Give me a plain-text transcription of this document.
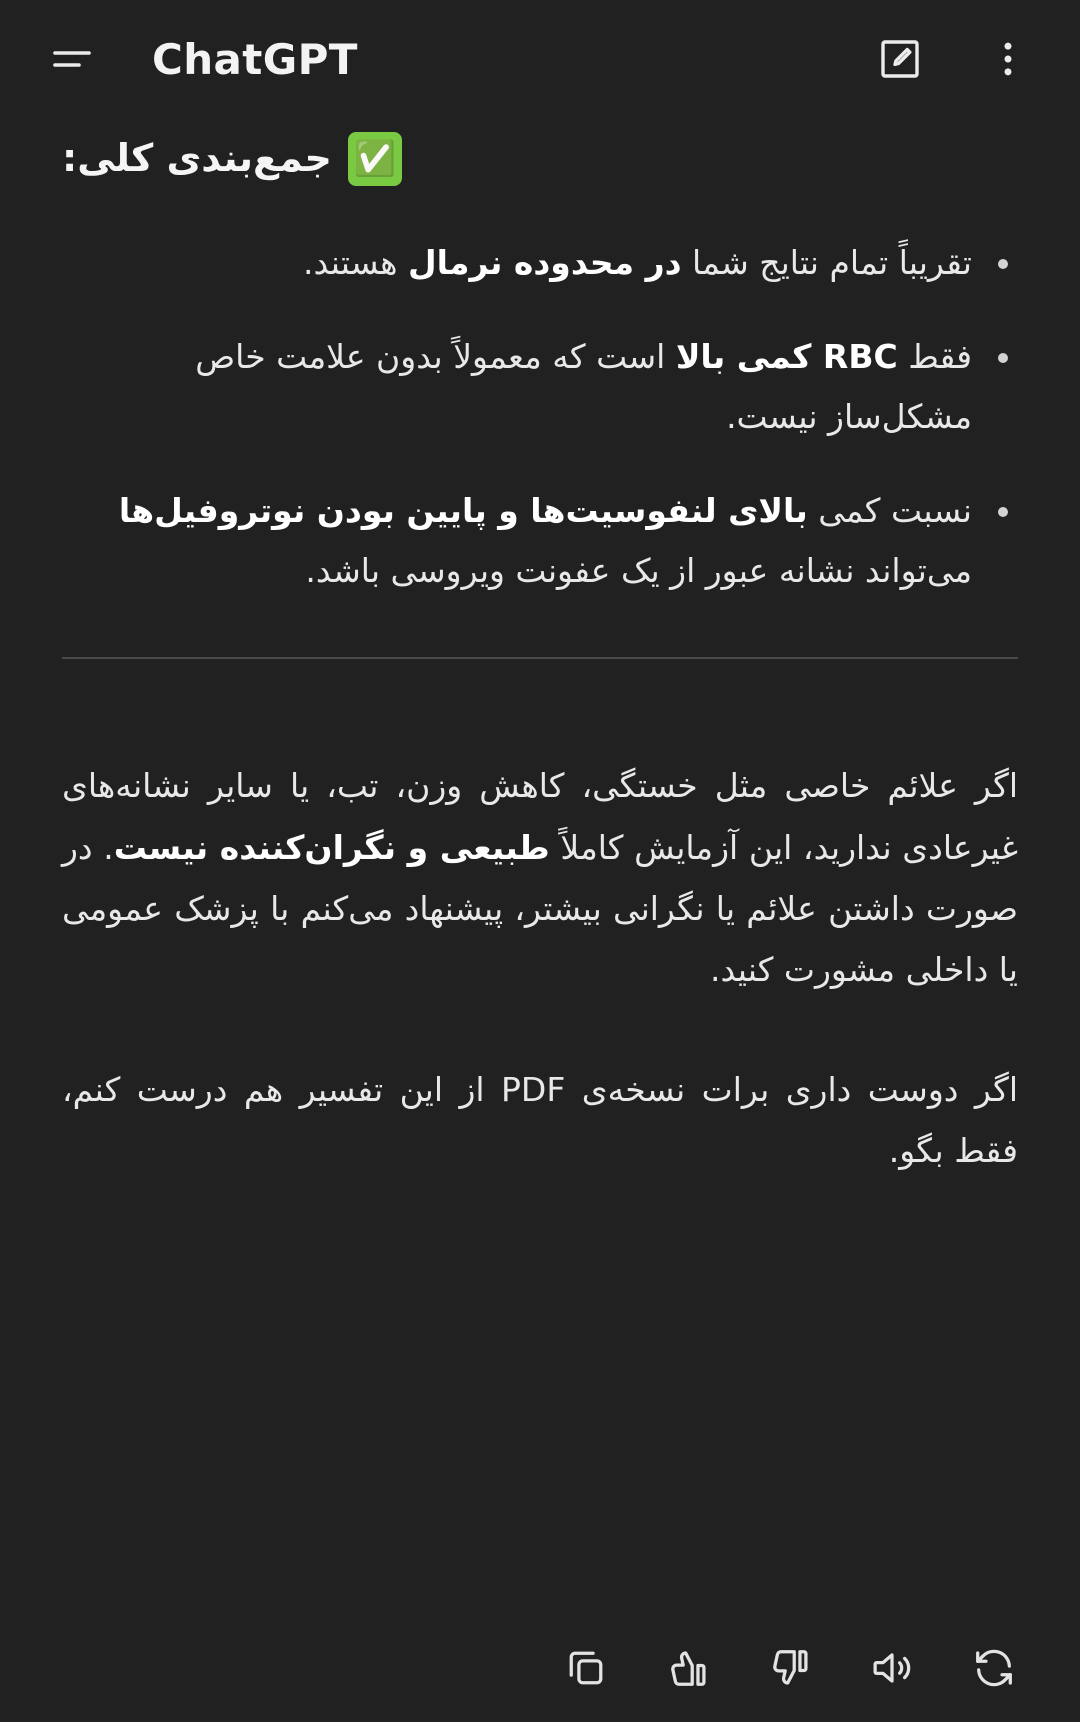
ChatGPT
جمع‌بندی کلی: ✅
تقریباً تمام نتایج شما در محدوده نرمال هستند.
فقط RBC کمی بالا است که معمولاً بدون علامت خاص مشکل‌ساز نیست.
نسبت کمی بالای لنفوسیت‌ها و پایین بودن نوتروفیل‌ها می‌تواند نشانه عبور از یک عفونت ویروسی باشد.

اگر علائم خاصی مثل خستگی، کاهش وزن، تب، یا سایر نشانه‌های غیرعادی ندارید، این آزمایش کاملاً طبیعی و نگران‌کننده نیست. در صورت داشتن علائم یا نگرانی بیشتر، پیشنهاد می‌کنم با پزشک عمومی یا داخلی مشورت کنید.

اگر دوست داری برات نسخه‌ی PDF از این تفسیر هم درست کنم، فقط بگو.
